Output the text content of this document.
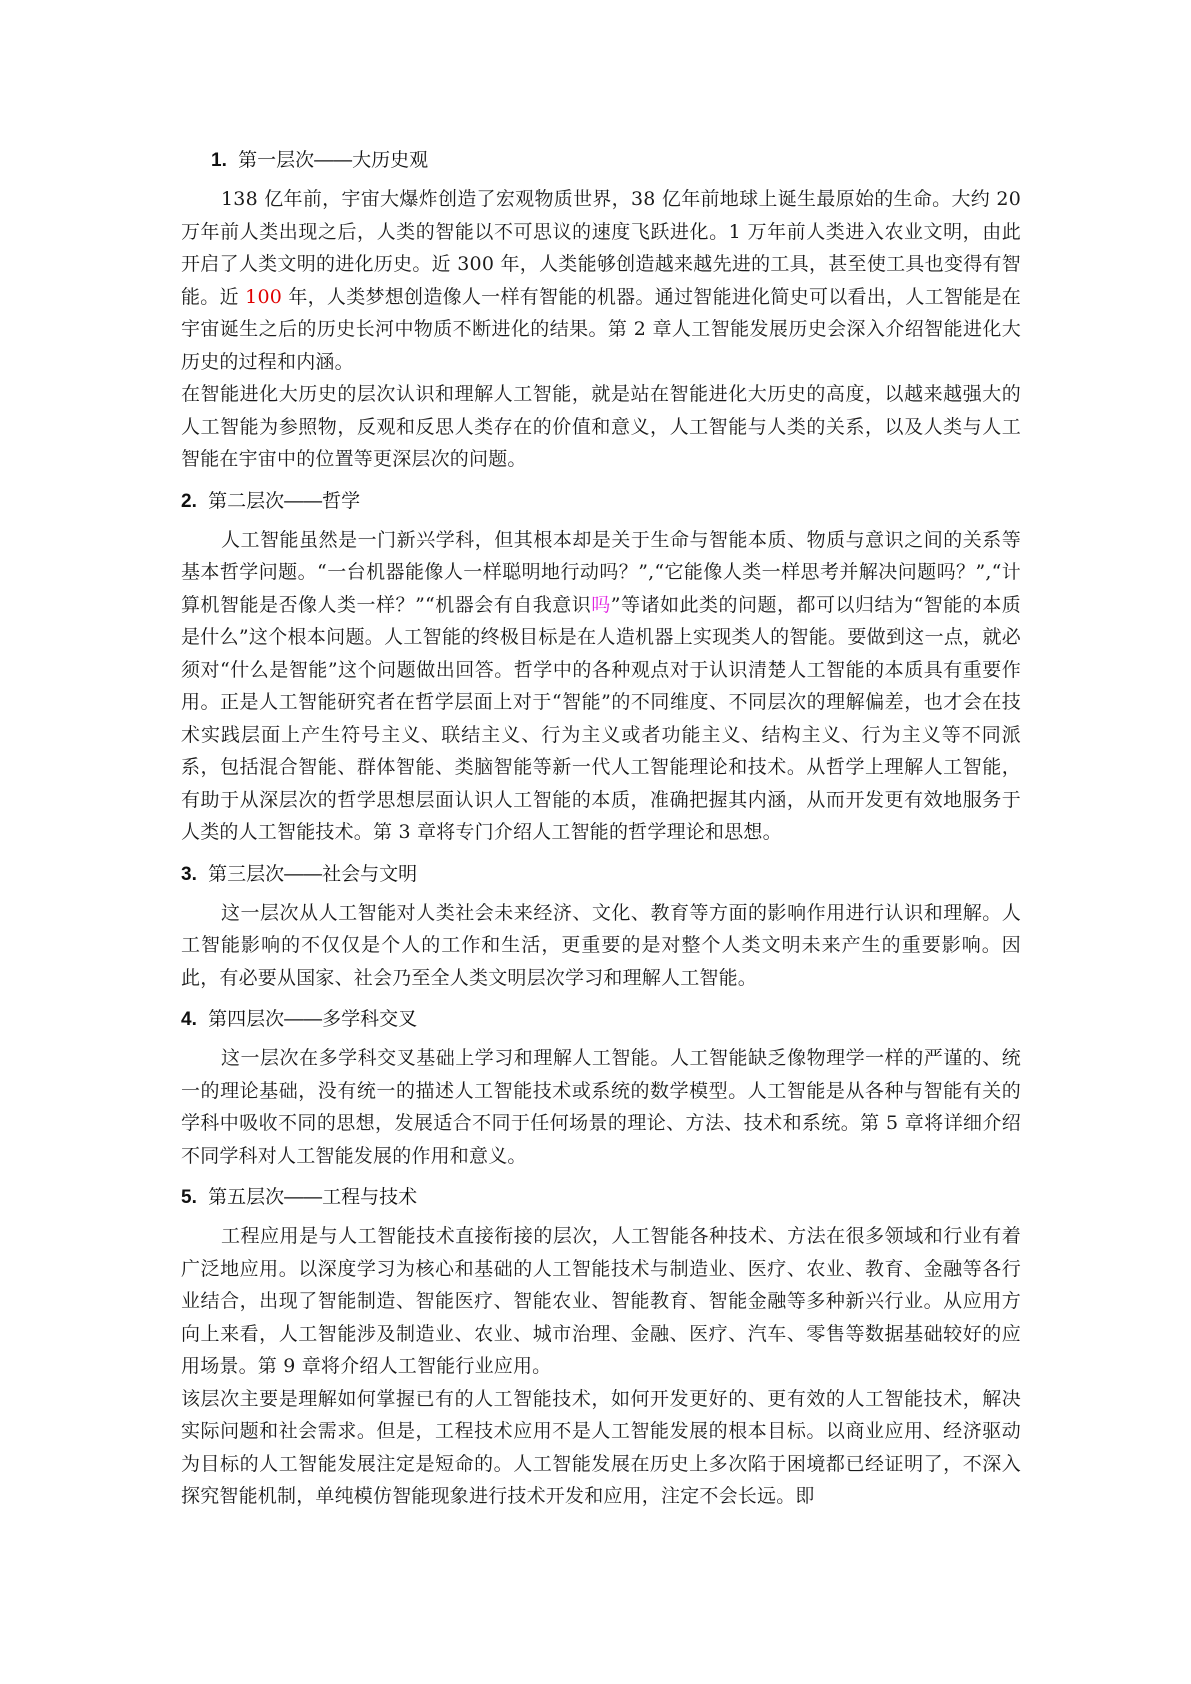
1. 第一层次——大历史观

138 亿年前，宇宙大爆炸创造了宏观物质世界，38 亿年前地球上诞生最原始的生命。大约 20 万年前人类出现之后，人类的智能以不可思议的速度飞跃进化。1 万年前人类进入农业文明，由此开启了人类文明的进化历史。近 300 年，人类能够创造越来越先进的工具，甚至使工具也变得有智能。近 100 年，人类梦想创造像人一样有智能的机器。通过智能进化简史可以看出，人工智能是在宇宙诞生之后的历史长河中物质不断进化的结果。第 2 章人工智能发展历史会深入介绍智能进化大历史的过程和内涵。

在智能进化大历史的层次认识和理解人工智能，就是站在智能进化大历史的高度，以越来越强大的人工智能为参照物，反观和反思人类存在的价值和意义，人工智能与人类的关系，以及人类与人工智能在宇宙中的位置等更深层次的问题。

2. 第二层次——哲学

人工智能虽然是一门新兴学科，但其根本却是关于生命与智能本质、物质与意识之间的关系等基本哲学问题。“一台机器能像人一样聪明地行动吗？”,“它能像人类一样思考并解决问题吗？”,“计算机智能是否像人类一样？”“机器会有自我意识吗”等诸如此类的问题，都可以归结为“智能的本质是什么”这个根本问题。人工智能的终极目标是在人造机器上实现类人的智能。要做到这一点，就必须对“什么是智能”这个问题做出回答。哲学中的各种观点对于认识清楚人工智能的本质具有重要作用。正是人工智能研究者在哲学层面上对于“智能”的不同维度、不同层次的理解偏差，也才会在技术实践层面上产生符号主义、联结主义、行为主义或者功能主义、结构主义、行为主义等不同派系，包括混合智能、群体智能、类脑智能等新一代人工智能理论和技术。从哲学上理解人工智能，有助于从深层次的哲学思想层面认识人工智能的本质，准确把握其内涵，从而开发更有效地服务于人类的人工智能技术。第 3 章将专门介绍人工智能的哲学理论和思想。

3. 第三层次——社会与文明

这一层次从人工智能对人类社会未来经济、文化、教育等方面的影响作用进行认识和理解。人工智能影响的不仅仅是个人的工作和生活，更重要的是对整个人类文明未来产生的重要影响。因此，有必要从国家、社会乃至全人类文明层次学习和理解人工智能。

4. 第四层次——多学科交叉

这一层次在多学科交叉基础上学习和理解人工智能。人工智能缺乏像物理学一样的严谨的、统一的理论基础，没有统一的描述人工智能技术或系统的数学模型。人工智能是从各种与智能有关的学科中吸收不同的思想，发展适合不同于任何场景的理论、方法、技术和系统。第 5 章将详细介绍不同学科对人工智能发展的作用和意义。

5. 第五层次——工程与技术

工程应用是与人工智能技术直接衔接的层次，人工智能各种技术、方法在很多领域和行业有着广泛地应用。以深度学习为核心和基础的人工智能技术与制造业、医疗、农业、教育、金融等各行业结合，出现了智能制造、智能医疗、智能农业、智能教育、智能金融等多种新兴行业。从应用方向上来看，人工智能涉及制造业、农业、城市治理、金融、医疗、汽车、零售等数据基础较好的应用场景。第 9 章将介绍人工智能行业应用。

该层次主要是理解如何掌握已有的人工智能技术，如何开发更好的、更有效的人工智能技术，解决实际问题和社会需求。但是，工程技术应用不是人工智能发展的根本目标。以商业应用、经济驱动为目标的人工智能发展注定是短命的。人工智能发展在历史上多次陷于困境都已经证明了，不深入探究智能机制，单纯模仿智能现象进行技术开发和应用，注定不会长远。即
